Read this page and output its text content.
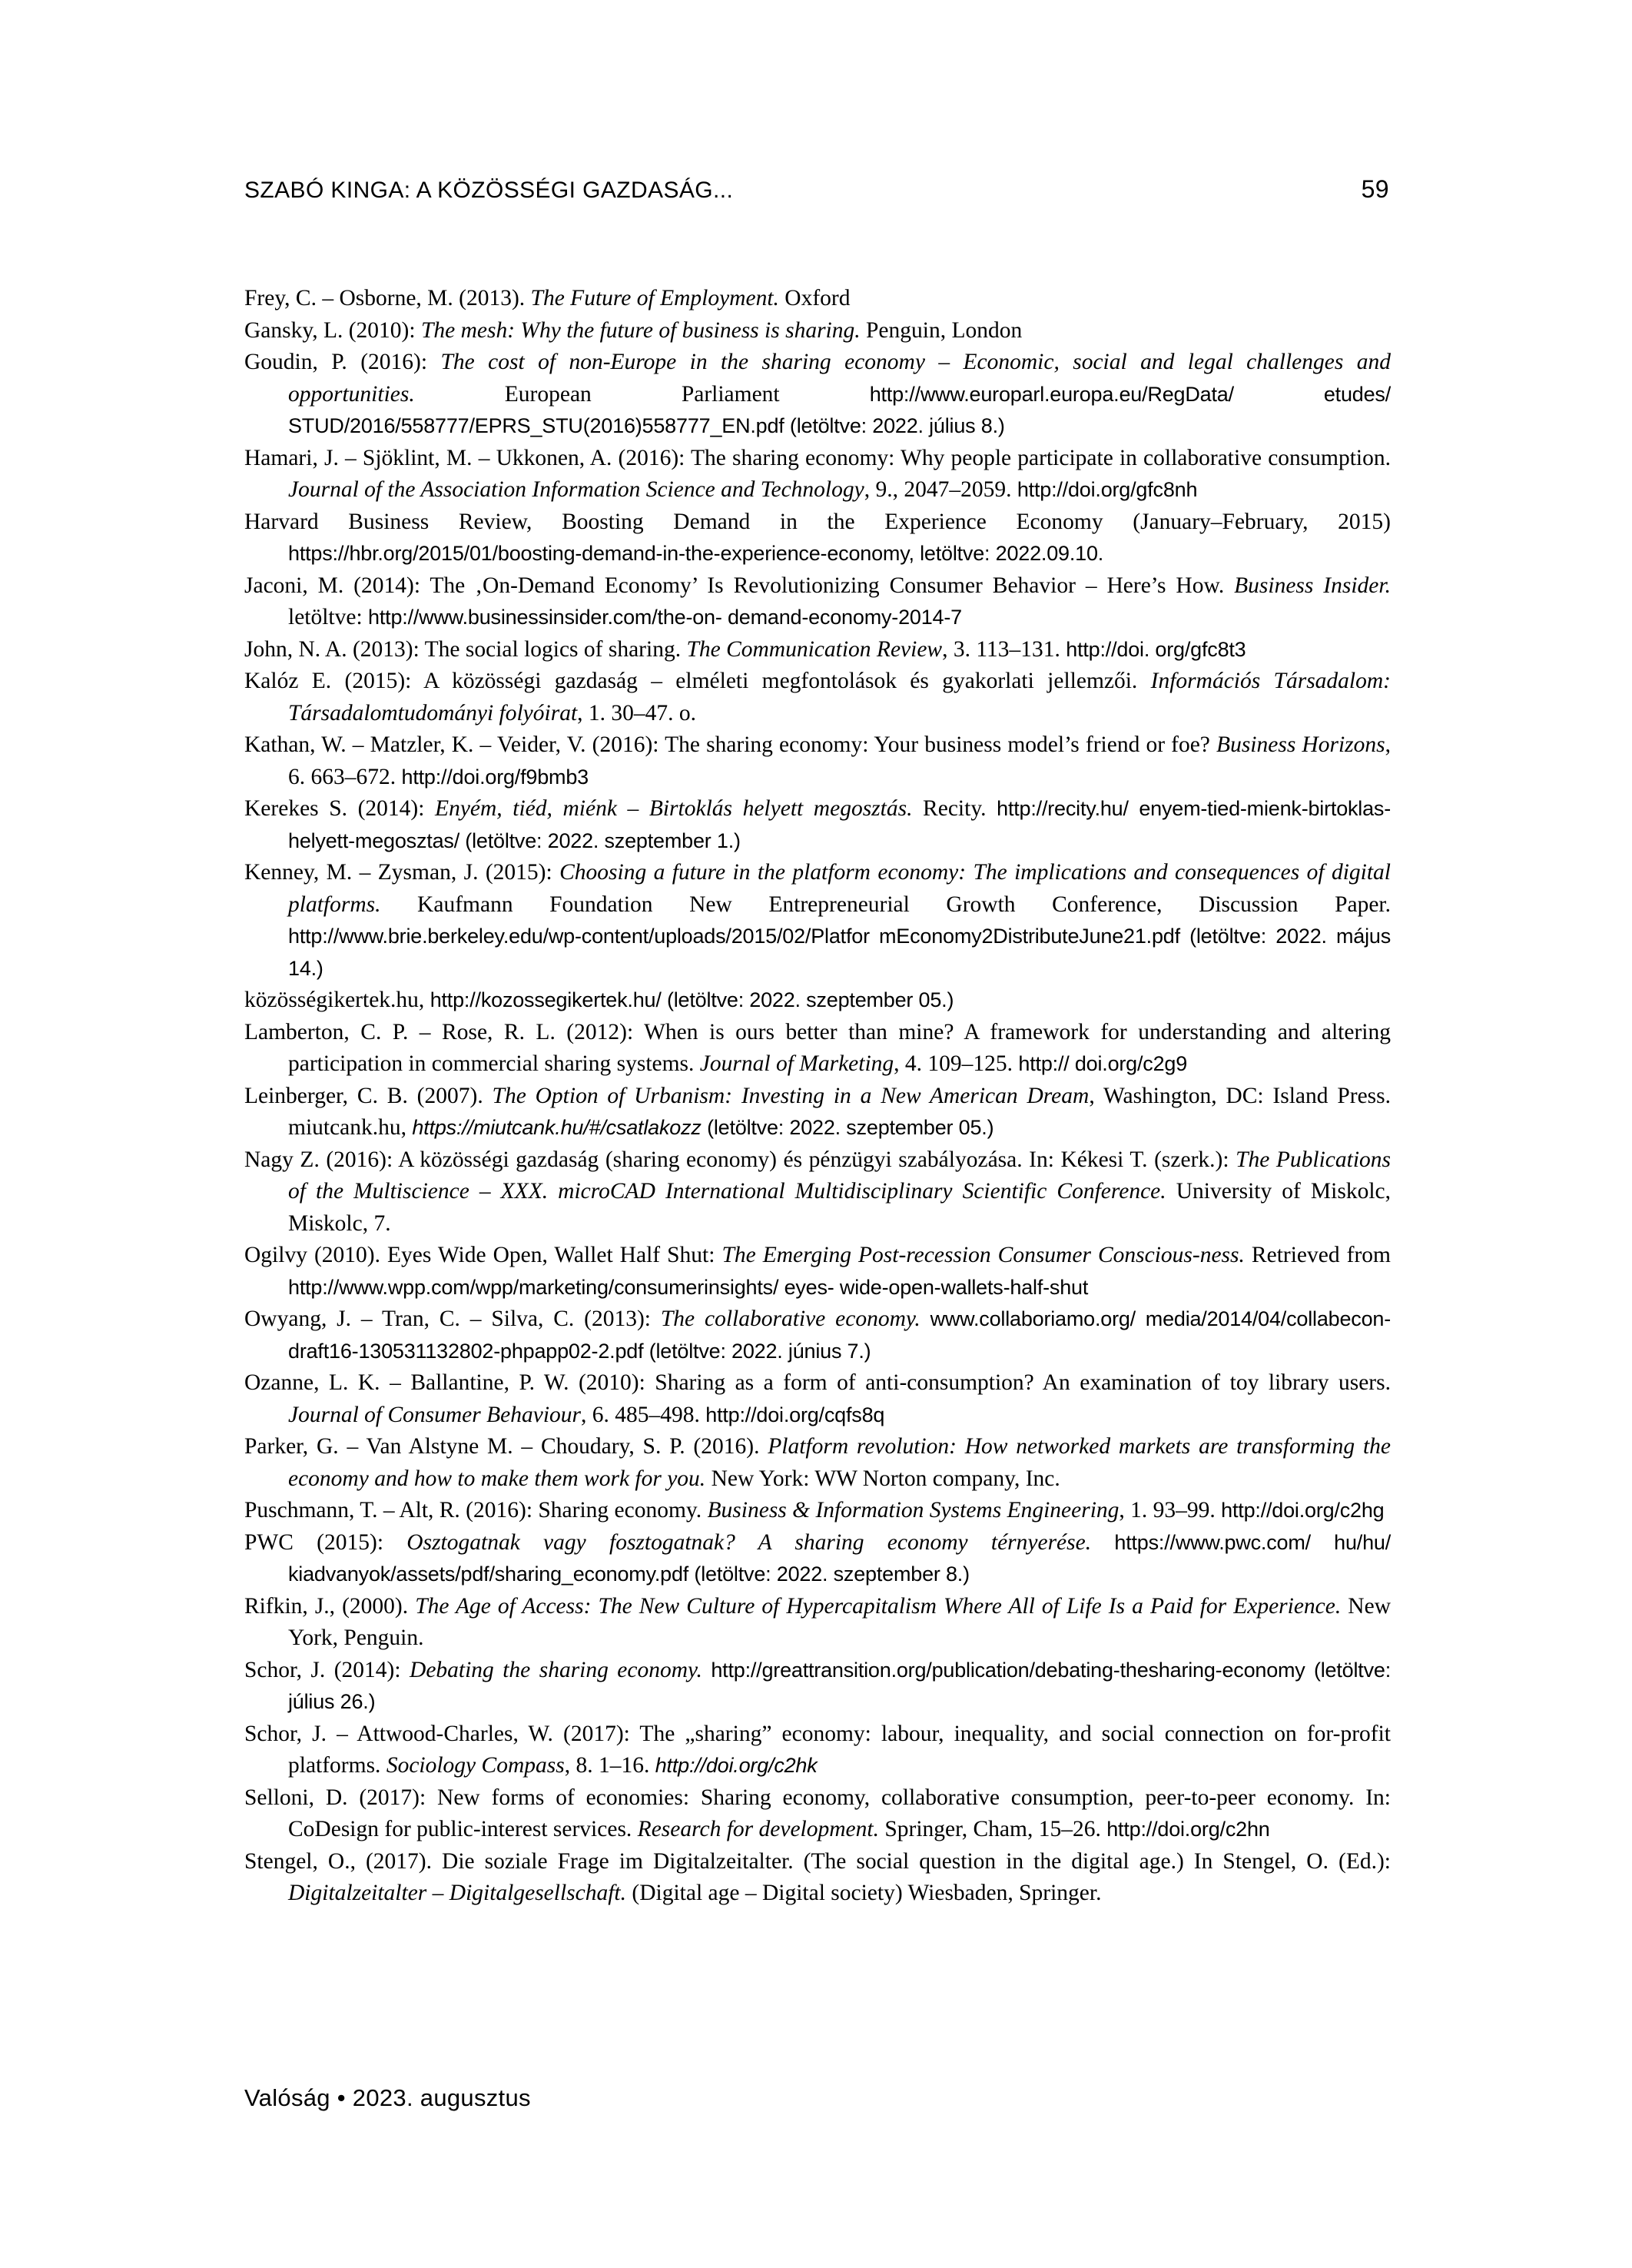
SZABÓ KINGA: A KÖZÖSSÉGI GAZDASÁG...	59

Frey, C. – Osborne, M. (2013). The Future of Employment. Oxford

Gansky, L. (2010): The mesh: Why the future of business is sharing. Penguin, London

Goudin, P. (2016): The cost of non-Europe in the sharing economy – Economic, social and legal challenges and opportunities. European Parliament http://www.europarl.europa.eu/RegData/ etudes/ STUD/2016/558777/EPRS_STU(2016)558777_EN.pdf (letöltve: 2022. július 8.)

Hamari, J. – Sjöklint, M. – Ukkonen, A. (2016): The sharing economy: Why people participate in collaborative consumption. Journal of the Association Information Science and Technology, 9., 2047–2059. http://doi.org/gfc8nh

Harvard Business Review, Boosting Demand in the Experience Economy (January–February, 2015) https://hbr.org/2015/01/boosting-demand-in-the-experience-economy, letöltve: 2022.09.10.

Jaconi, M. (2014): The ‚On-Demand Economy’ Is Revolutionizing Consumer Behavior – Here’s How. Business Insider. letöltve: http://www.businessinsider.com/the-on- demand-economy-2014-7

John, N. A. (2013): The social logics of sharing. The Communication Review, 3. 113–131. http://doi. org/gfc8t3

Kalóz E. (2015): A közösségi gazdaság – elméleti megfontolások és gyakorlati jellemzői. Információs Társadalom: Társadalomtudományi folyóirat, 1. 30–47. o.

Kathan, W. – Matzler, K. – Veider, V. (2016): The sharing economy: Your business model’s friend or foe? Business Horizons, 6. 663–672. http://doi.org/f9bmb3

Kerekes S. (2014): Enyém, tiéd, miénk – Birtoklás helyett megosztás. Recity. http://recity.hu/ enyem-tied-mienk-birtoklas-helyett-megosztas/ (letöltve: 2022. szeptember 1.)

Kenney, M. – Zysman, J. (2015): Choosing a future in the platform economy: The implications and consequences of digital platforms. Kaufmann Foundation New Entrepreneurial Growth Conference, Discussion Paper. http://www.brie.berkeley.edu/wp-content/uploads/2015/02/Platfor mEconomy2DistributeJune21.pdf (letöltve: 2022. május 14.)

közösségikertek.hu, http://kozossegikertek.hu/ (letöltve: 2022. szeptember 05.)

Lamberton, C. P. – Rose, R. L. (2012): When is ours better than mine? A framework for understanding and altering participation in commercial sharing systems. Journal of Marketing, 4. 109–125. http:// doi.org/c2g9

Leinberger, C. B. (2007). The Option of Urbanism: Investing in a New American Dream, Washington, DC: Island Press. miutcank.hu, https://miutcank.hu/#/csatlakozz (letöltve: 2022. szeptember 05.)

Nagy Z. (2016): A közösségi gazdaság (sharing economy) és pénzügyi szabályozása. In: Kékesi T. (szerk.): The Publications of the Multiscience – XXX. microCAD International Multidisciplinary Scientific Conference. University of Miskolc, Miskolc, 7.

Ogilvy (2010). Eyes Wide Open, Wallet Half Shut: The Emerging Post-recession Consumer Conscious-ness. Retrieved from http://www.wpp.com/wpp/marketing/consumerinsights/ eyes- wide-open-wallets-half-shut

Owyang, J. – Tran, C. – Silva, C. (2013): The collaborative economy. www.collaboriamo.org/ media/2014/04/collabecon-draft16-130531132802-phpapp02-2.pdf (letöltve: 2022. június 7.)

Ozanne, L. K. – Ballantine, P. W. (2010): Sharing as a form of anti-consumption? An examination of toy library users. Journal of Consumer Behaviour, 6. 485–498. http://doi.org/cqfs8q

Parker, G. – Van Alstyne M. – Choudary, S. P. (2016). Platform revolution: How networked markets are transforming the economy and how to make them work for you. New York: WW Norton company, Inc.

Puschmann, T. – Alt, R. (2016): Sharing economy. Business & Information Systems Engineering, 1. 93–99. http://doi.org/c2hg

PWC (2015): Osztogatnak vagy fosztogatnak? A sharing economy térnyerése. https://www.pwc.com/ hu/hu/ kiadvanyok/assets/pdf/sharing_economy.pdf (letöltve: 2022. szeptember 8.)

Rifkin, J., (2000). The Age of Access: The New Culture of Hypercapitalism Where All of Life Is a Paid for Experience. New York, Penguin.

Schor, J. (2014): Debating the sharing economy. http://greattransition.org/publication/debating-thesharing-economy (letöltve: július 26.)

Schor, J. – Attwood-Charles, W. (2017): The „sharing” economy: labour, inequality, and social connection on for-profit platforms. Sociology Compass, 8. 1–16. http://doi.org/c2hk

Selloni, D. (2017): New forms of economies: Sharing economy, collaborative consumption, peer-to-peer economy. In: CoDesign for public-interest services. Research for development. Springer, Cham, 15–26. http://doi.org/c2hn

Stengel, O., (2017). Die soziale Frage im Digitalzeitalter. (The social question in the digital age.) In Stengel, O. (Ed.): Digitalzeitalter – Digitalgesellschaft. (Digital age – Digital society) Wiesbaden, Springer.

Valóság • 2023. augusztus
